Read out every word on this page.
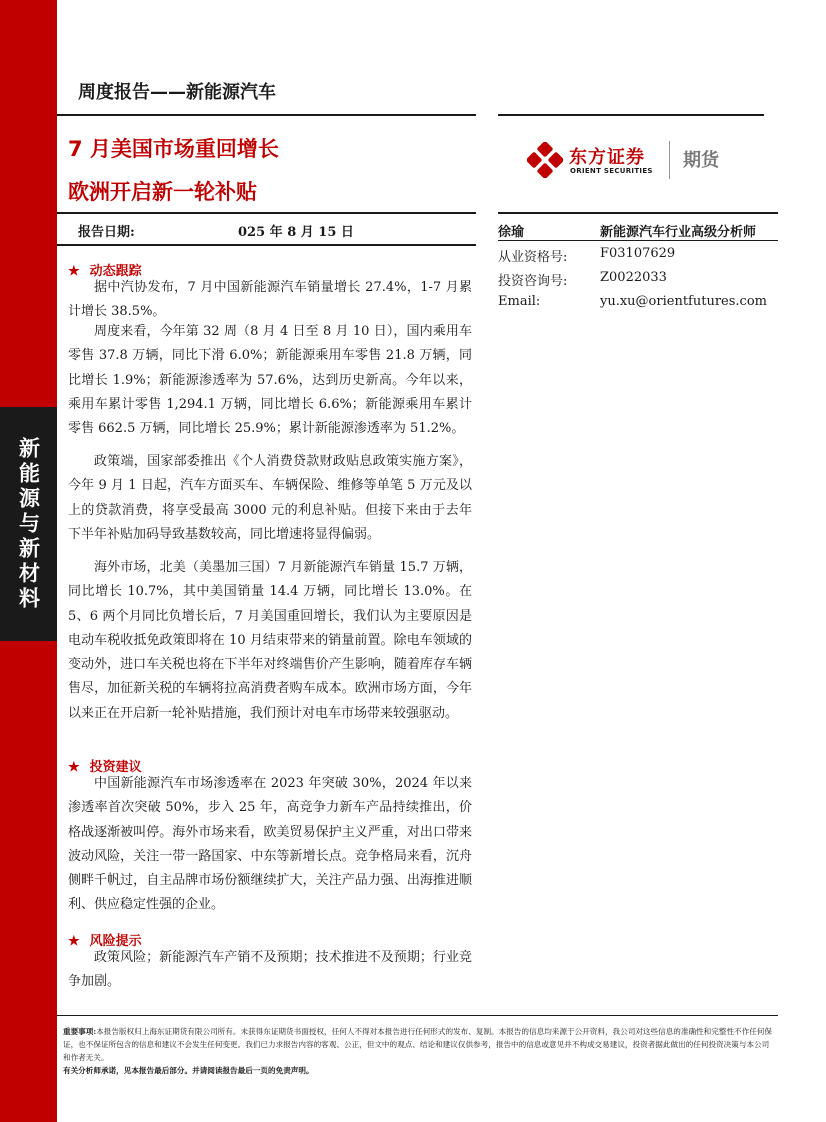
新能源与新材料
周度报告——新能源汽车
7 月美国市场重回增长
欧洲开启新一轮补贴
东方证券
ORIENT SECURITIES 期货
报告日期:	025 年 8 月 15 日	徐瑜	新能源汽车行业高级分析师
从业资格号:	F03107629
投资咨询号:	Z0022033
Email:	yu.xu@orientfutures.com
★ 动态跟踪
据中汽协发布，7 月中国新能源汽车销量增长 27.4%，1-7 月累计增长 38.5%。
周度来看，今年第 32 周（8 月 4 日至 8 月 10 日），国内乘用车零售 37.8 万辆，同比下滑 6.0%；新能源乘用车零售 21.8 万辆，同比增长 1.9%；新能源渗透率为 57.6%，达到历史新高。今年以来，乘用车累计零售 1,294.1 万辆，同比增长 6.6%；新能源乘用车累计零售 662.5 万辆，同比增长 25.9%；累计新能源渗透率为 51.2%。
政策端，国家部委推出《个人消费贷款财政贴息政策实施方案》，今年 9 月 1 日起，汽车方面买车、车辆保险、维修等单笔 5 万元及以上的贷款消费，将享受最高 3000 元的利息补贴。但接下来由于去年下半年补贴加码导致基数较高，同比增速将显得偏弱。
海外市场，北美（美墨加三国）7 月新能源汽车销量 15.7 万辆，同比增长 10.7%，其中美国销量 14.4 万辆，同比增长 13.0%。在 5、6 两个月同比负增长后，7 月美国重回增长，我们认为主要原因是电动车税收抵免政策即将在 10 月结束带来的销量前置。除电车领域的变动外，进口车关税也将在下半年对终端售价产生影响，随着库存车辆售尽，加征新关税的车辆将拉高消费者购车成本。欧洲市场方面，今年以来正在开启新一轮补贴措施，我们预计对电车市场带来较强驱动。
★ 投资建议
中国新能源汽车市场渗透率在 2023 年突破 30%，2024 年以来渗透率首次突破 50%，步入 25 年，高竞争力新车产品持续推出，价格战逐渐被叫停。海外市场来看，欧美贸易保护主义严重，对出口带来波动风险，关注一带一路国家、中东等新增长点。竞争格局来看，沉舟侧畔千帆过，自主品牌市场份额继续扩大，关注产品力强、出海推进顺利、供应稳定性强的企业。
★ 风险提示
政策风险；新能源汽车产销不及预期；技术推进不及预期；行业竞争加剧。
重要事项:本报告版权归上海东证期货有限公司所有。未获得东证期货书面授权，任何人不得对本报告进行任何形式的发布、复制。本报告的信息均来源于公开资料，我公司对这些信息的准确性和完整性不作任何保证，也不保证所包含的信息和建议不会发生任何变更。我们已力求报告内容的客观、公正，但文中的观点、结论和建议仅供参考，报告中的信息或意见并不构成交易建议，投资者据此做出的任何投资决策与本公司和作者无关。
有关分析师承诺，见本报告最后部分。并请阅读报告最后一页的免责声明。
